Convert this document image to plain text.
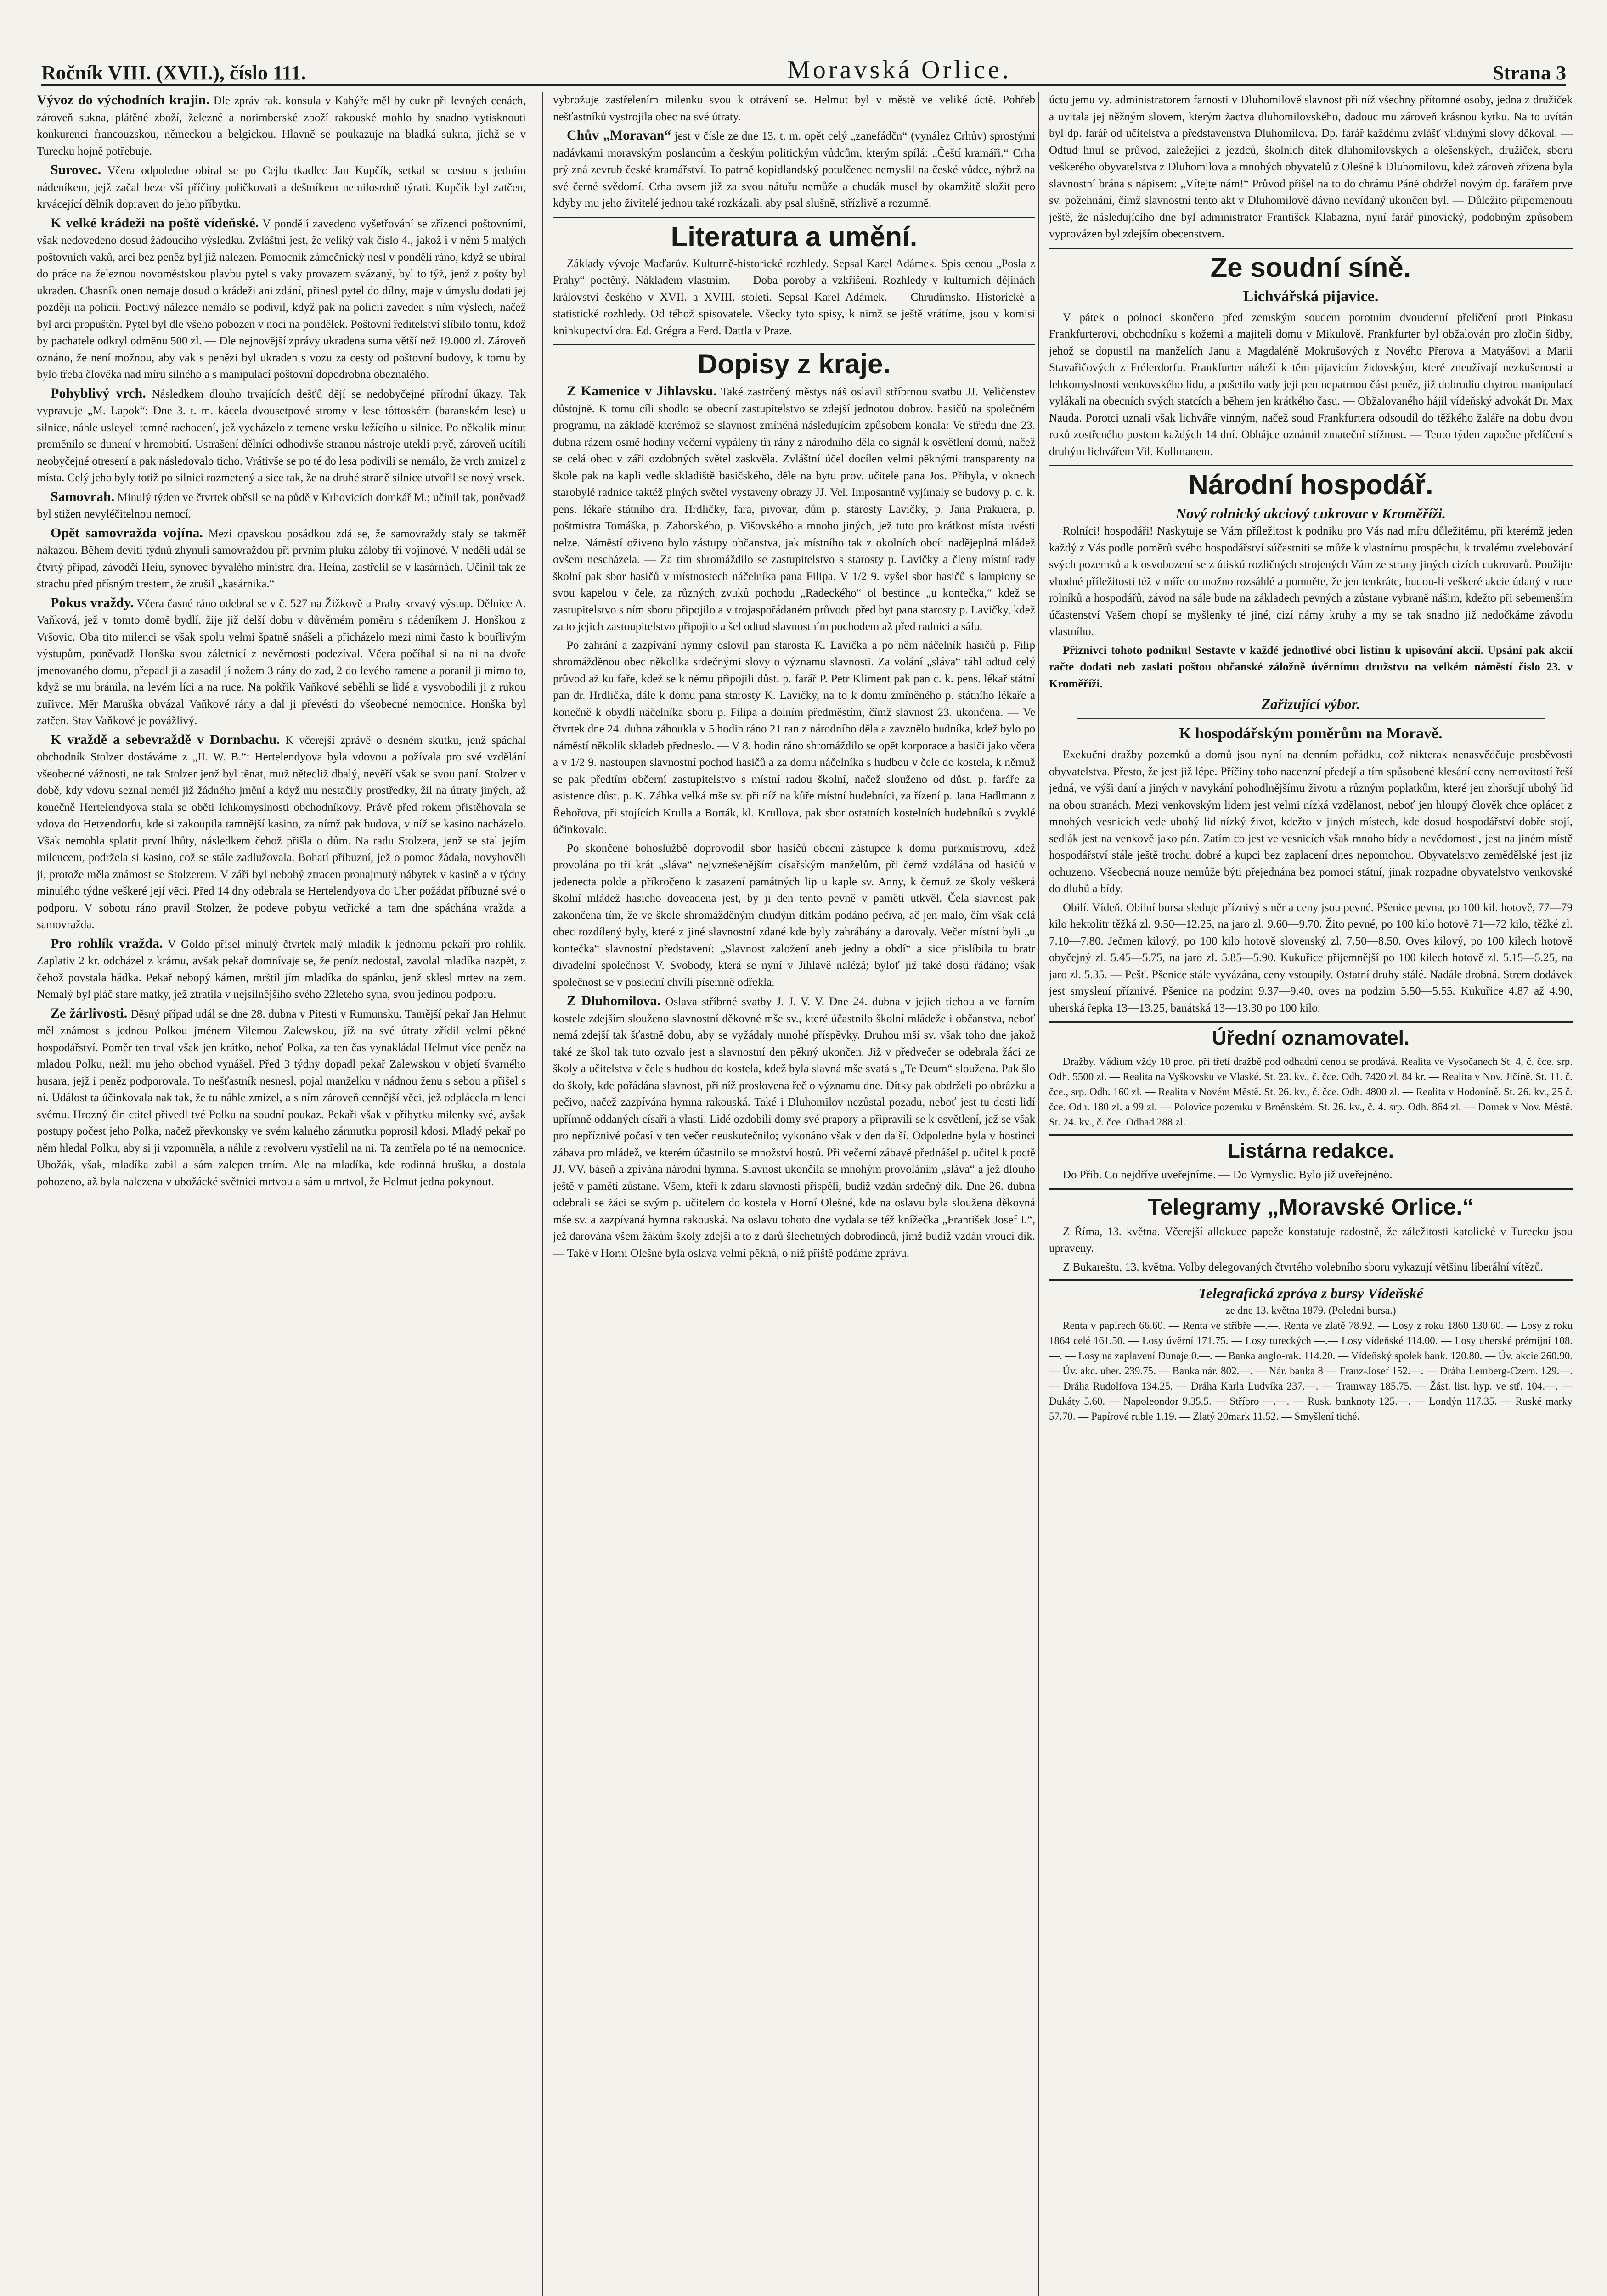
Ročník VIII. (XVII.), číslo 111.	Moravská Orlice.	Strana 3

Vývoz do východních krajin. Dle zpráv rak. konsula v Kahýře měl by cukr při levných cenách, zároveň sukna, plátěné zboží, železné a norimberské zboží rakouské mohlo by snadno vytisknouti konkurenci francouzskou, německou a belgickou. Hlavně se poukazuje na bladká sukna, jichž se v Turecku hojně potřebuje.

Surovec. Včera odpoledne obíral se po Cejlu tkadlec Jan Kupčík, setkal se cestou s jedním nádeníkem, jejž začal beze vší příčiny poličkovati a deštníkem nemilosrdně týrati. Kupčík byl zatčen, krvácející dělník dopraven do jeho příbytku.

K velké krádeži na poště vídeňské. V pondělí zavedeno vyšetřování se zřízenci poštovními, však nedovedeno dosud žádoucího výsledku. Zvláštní jest, že veliký vak číslo 4., jakož i v něm 5 malých poštovních vaků, arci bez peněz byl již nalezen. Pomocník zámečnický nesl v pondělí ráno, když se ubíral do práce na železnou novoměstskou plavbu pytel s vaky provazem svázaný, byl to týž, jenž z pošty byl ukraden. Chasník onen nemaje dosud o krádeži ani zdání, přinesl pytel do dílny, maje v úmyslu dodati jej později na policii. Poctivý nálezce nemálo se podivil, když pak na policii zaveden s ním výslech, načež byl arci propuštěn. Pytel byl dle všeho pobozen v noci na pondělek. Poštovní ředitelství slíbilo tomu, kdož by pachatele odkryl odměnu 500 zl. — Dle nejnovější zprávy ukradena suma větší než 19.000 zl. Zároveň oznáno, že není možnou, aby vak s penězi byl ukraden s vozu za cesty od poštovní budovy, k tomu by bylo třeba člověka nad míru silného a s manipulací poštovní dopodrobna obeznalého.

Pohyblivý vrch. Následkem dlouho trvajících dešťů dějí se nedobyčejné přírodní úkazy. Tak vypravuje „M. Lapok“: Dne 3. t. m. kácela dvousetpové stromy v lese tóttoském (baranském lese) u silnice, náhle usleyeli temné rachocení, jež vycházelo z temene vrsku ležícího u silnice. Po několik minut proměnilo se dunení v hromobití. Ustrašení dělníci odhodivše stranou nástroje utekli pryč, zároveň ucítili neobyčejné otresení a pak následovalo ticho. Vrátivše se po té do lesa podivili se nemálo, že vrch zmizel z místa. Celý jeho byly totiž po silnici rozmetený a sice tak, že na druhé straně silnice utvořil se nový vrsek.

Samovrah. Minulý týden ve čtvrtek oběsil se na půdě v Krhovicích domkář M.; učinil tak, poněvadž byl stižen nevyléčitelnou nemocí.

Opět samovražda vojína. Mezi opavskou posádkou zdá se, že samovraždy staly se takměř nákazou. Během devíti týdnů zhynuli samovraždou při prvním pluku záloby tři vojínové. V neděli udál se čtvrtý případ, závodčí Heiu, synovec bývalého ministra dra. Heina, zastřelil se v kasárnách. Učinil tak ze strachu před přísným trestem, že zrušil „kasárnika.“

Pokus vraždy. Včera časné ráno odebral se v č. 527 na Žižkově u Prahy krvavý výstup. Dělnice A. Vaňková, jež v tomto domě bydlí, žije již delší dobu v důvěrném poměru s nádeníkem J. Honškou z Vršovic. Oba tito milenci se však spolu velmi špatně snášeli a přicházelo mezi nimi často k bouřlivým výstupům, poněvadž Honška svou záletnicí z nevěrnosti podezíval. Včera počíhal si na ni na dvoře jmenovaného domu, přepadl ji a zasadil jí nožem 3 rány do zad, 2 do levého ramene a poranil ji mimo to, když se mu bránila, na levém líci a na ruce. Na pokřik Vaňkové seběhli se lidé a vysvobodili ji z rukou zuřivce. Měr Maruška obvázal Vaňkové rány a dal ji převésti do všeobecné nemocnice. Honška byl zatčen. Stav Vaňkové je povážlivý.

K vraždě a sebevraždě v Dornbachu. K včerejší zprávě o desném skutku, jenž spáchal obchodník Stolzer dostáváme z „II. W. B.“: Hertelendyova byla vdovou a požívala pro své vzdělání všeobecné vážnosti, ne tak Stolzer jenž byl těnat, muž nětecliž dbalý, nevěří však se svou paní. Stolzer v době, kdy vdovu seznal nemél již žádného jmění a když mu nestačily prostředky, žil na útraty jiných, až konečně Hertelendyova stala se oběti lehkomyslnosti obchodníkovy. Právě před rokem přistěhovala se vdova do Hetzendorfu, kde si zakoupila tamnější kasino, za nímž pak budova, v níž se kasino nacházelo. Však nemohla splatit první lhůty, následkem čehož přišla o dům. Na radu Stolzera, jenž se stal jejím milencem, podržela si kasino, což se stále zadlužovala. Bohatí příbuzní, jež o pomoc žádala, novyhověli ji, protože měla známost se Stolzerem. V září byl nebohý ztracen pronajmutý nábytek v kasině a v týdny minulého týdne veškeré její věci. Před 14 dny odebrala se Hertelendyova do Uher požádat příbuzné své o podporu. V sobotu ráno pravil Stolzer, že podeve pobytu vetřické a tam dne spáchána vražda a samovražda.

Pro rohlík vražda. V Goldo přisel minulý čtvrtek malý mladík k jednomu pekaři pro rohlík. Zaplativ 2 kr. odcházel z krámu, avšak pekař domnívaje se, že peníz nedostal, zavolal mladíka nazpět, z čehož povstala hádka. Pekař nebopý kámen, mrštil jím mladíka do spánku, jenž sklesl mrtev na zem. Nemalý byl pláč staré matky, jež ztratila v nejsilnějšího svého 22letého syna, svou jedinou podporu.

Ze žárlivosti. Děsný případ udál se dne 28. dubna v Pitesti v Rumunsku. Tamější pekař Jan Helmut měl známost s jednou Polkou jménem Vilemou Zalewskou, jíž na své útraty zřídil velmi pěkné hospodářství. Poměr ten trval však jen krátko, neboť Polka, za ten čas vynakládal Helmut více peněz na mladou Polku, nežli mu jeho obchod vynášel. Před 3 týdny dopadl pekař Zalewskou v objetí švarného husara, jejž i peněz podporovala. To nešťastník nesnesl, pojal manželku v nádnou ženu s sebou a přišel s ní. Událost ta účinkovala nak tak, že tu náhle zmizel, a s ním zároveň cennější věci, jež odplácela milenci svému. Hrozný čin ctitel přivedl tvé Polku na soudní poukaz. Pekaři však v příbytku milenky své, avšak postupy počest jeho Polka, načež převkonsky ve svém kalného zármutku poprosil kdosi. Mladý pekař po něm hledal Polku, aby si ji vzpomněla, a náhle z revolveru vystřelil na ni. Ta zemřela po té na nemocnice. Ubožák, však, mladíka zabil a sám zalepen trním. Ale na mladíka, kde rodinná hrušku, a dostala pohozeno, až byla nalezena v ubožácké světnici mrtvou a sám u mrtvol, že Helmut jedna pokynout.

vybrožuje zastřelením milenku svou k otrávení se. Helmut byl v městě ve veliké úctě. Pohřeb nešťastníků vystrojila obec na své útraty.

Chův „Moravan“ jest v čísle ze dne 13. t. m. opět celý „zanefádčn“ (vynález Crhův) sprostými nadávkami moravským poslancům a českým politickým vůdcům, kterým spílá: „Čeští kramáři.“ Crha prý zná zevrub české kramářství. To patrně kopidlandský potulčenec nemyslil na české vůdce, nýbrž na své černé svědomí. Crha ovsem již za svou nátuřu nemůže a chudák musel by okamžitě složit pero kdyby mu jeho živitelé jednou také rozkázali, aby psal slušně, střízlivě a rozumně.

Literatura a umění.

Základy vývoje Maďarův. Kulturně-historické rozhledy. Sepsal Karel Adámek. Spis cenou „Posla z Prahy“ poctěný. Nákladem vlastním. — Doba poroby a vzkříšení. Rozhledy v kulturních dějinách království českého v XVII. a XVIII. století. Sepsal Karel Adámek. — Chrudimsko. Historické a statistické rozhledy. Od téhož spisovatele. Všecky tyto spisy, k nimž se ještě vrátíme, jsou v komisi knihkupectví dra. Ed. Grégra a Ferd. Dattla v Praze.

Dopisy z kraje.

Z Kamenice v Jihlavsku. Také zastrčený městys náš oslavil stříbrnou svatbu JJ. Veličenstev důstojně. K tomu cíli shodlo se obecní zastupitelstvo se zdejší jednotou dobrov. hasičů na společném programu, na základě kterémož se slavnost zmíněná následujícím způsobem konala: Ve středu dne 23. dubna rázem osmé hodiny večerní vypáleny tři rány z národního děla co signál k osvětlení domů, načež se celá obec v záři ozdobných světel zaskvěla. Zvláštní účel docílen velmi pěknými transparenty na škole pak na kapli vedle skladiště basičského, děle na bytu prov. učitele pana Jos. Přibyla, v oknech starobylé radnice taktéž plných světel vystaveny obrazy JJ. Vel. Imposantně vyjímaly se budovy p. c. k. pens. lékaře státního dra. Hrdličky, fara, pivovar, dům p. starosty Lavičky, p. Jana Prakuera, p. poštmistra Tomáška, p. Zaborského, p. Višovského a mnoho jiných, jež tuto pro krátkost místa uvésti nelze. Náměstí oživeno bylo zástupy občanstva, jak místního tak z okolních obcí: nadějeplná mládež ovšem nescházela. — Za tím shromáždilo se zastupitelstvo s starosty p. Lavičky a členy místní rady školní pak sbor hasičů v místnostech náčelníka pana Filipa. V 1/2 9. vyšel sbor hasičů s lampiony se svou kapelou v čele, za různých zvuků pochodu „Radeckého“ ol bestince „u kontečka,“ kdež se zastupitelstvo s ním sboru připojilo a v trojaspořádaném průvodu před byt pana starosty p. Lavičky, kdež za to jejich zastoupitelstvo připojilo a šel odtud slavnostním pochodem až před radnici a sálu.

Po zahrání a zazpívání hymny oslovil pan starosta K. Lavička a po něm náčelník hasičů p. Filip shromážděnou obec několika srdečnými slovy o významu slavnosti. Za volání „sláva“ táhl odtud celý průvod až ku faře, kdež se k němu připojili důst. p. farář P. Petr Kliment pak pan c. k. pens. lékař státní pan dr. Hrdlička, dále k domu pana starosty K. Lavičky, na to k domu zmíněného p. státního lékaře a konečně k obydlí náčelníka sboru p. Filipa a dolním předměstím, čímž slavnost 23. ukončena. — Ve čtvrtek dne 24. dubna záhoukla v 5 hodin ráno 21 ran z národního děla a zavznělo budníka, kdež bylo po náměstí několik skladeb předneslo. — V 8. hodin ráno shromáždilo se opět korporace a basiči jako včera a v 1/2 9. nastoupen slavnostní pochod hasičů a za domu náčelníka s hudbou v čele do kostela, k němuž se pak předtím občerní zastupitelstvo s místní radou školní, načež slouženo od důst. p. faráře za asistence důst. p. K. Zábka velká mše sv. při níž na kůře místní hudebníci, za řízení p. Jana Hadlmann z Řehořova, při stojících Krulla a Borták, kl. Krullova, pak sbor ostatních kostelních hudebníků s zvyklé účinkovalo.

Po skončené bohoslužbě doprovodil sbor hasičů obecní zástupce k domu purkmistrovu, kdež provolána po tři krát „sláva“ nejvznešenějším císařským manželům, při čemž vzdálána od hasičů v jedenecta polde a příkročeno k zasazení památných lip u kaple sv. Anny, k čemuž ze školy veškerá školní mládež hasicho doveadena jest, by ji den tento pevně v paměti utkvěl. Čela slavnost pak zakončena tím, že ve škole shromážděným chudým dítkám podáno pečiva, ač jen malo, čím však celá obec rozdílený byly, které z jiné slavnostní zdané kde byly zahrábány a darovaly. Večer místní byli „u kontečka“ slavnostní představení: „Slavnost založení aneb jedny a obdí“ a sice přislíbila tu bratr divadelní společnost V. Svobody, která se nyní v Jihlavě nalézá; byloť již také dosti řádáno; však společnost se v poslední chvíli písemně odřekla.

Z Dluhomilova. Oslava stříbrné svatby J. J. V. V. Dne 24. dubna v jejich tichou a ve farním kostele zdejším slouženo slavnostní děkovné mše sv., které účastnilo školní mládeže i občanstva, neboť nemá zdejší tak šťastně dobu, aby se vyžádaly mnohé příspěvky. Druhou mší sv. však toho dne jakož také ze škol tak tuto ozvalo jest a slavnostní den pěkný ukončen. Již v předvečer se odebrala žáci ze školy a učitelstva v čele s hudbou do kostela, kdež byla slavná mše svatá s „Te Deum“ sloužena. Pak šlo do školy, kde pořádána slavnost, při níž proslovena řeč o významu dne. Dítky pak obdrželi po obrázku a pečivo, načež zazpívána hymna rakouská. Také i Dluhomilov nezůstal pozadu, neboť jest tu dosti lidí upřímně oddaných císaři a vlasti. Lidé ozdobili domy své prapory a připravili se k osvětlení, jež se však pro nepříznivé počasí v ten večer neuskutečnilo; vykonáno však v den další. Odpoledne byla v hostinci zábava pro mládež, ve kterém účastnilo se množství hostů. Při večerní zábavě přednášel p. učitel k poctě JJ. VV. báseň a zpívána národní hymna. Slavnost ukončila se mnohým provoláním „sláva“ a jež dlouho ještě v paměti zůstane. Všem, kteří k zdaru slavnosti přispěli, budiž vzdán srdečný dík. Dne 26. dubna odebrali se žáci se svým p. učitelem do kostela v Horní Olešné, kde na oslavu byla sloužena děkovná mše sv. a zazpívaná hymna rakouská. Na oslavu tohoto dne vydala se též knížečka „František Josef I.“, jež darována všem žákům školy zdejší a to z darů šlechetných dobrodinců, jimž budiž vzdán vroucí dík. — Také v Horní Olešné byla oslava velmi pěkná, o níž příště podáme zprávu.

úctu jemu vy. administratorem farnosti v Dluhomilově slavnost při níž všechny přítomné osoby, jedna z družiček a uvitala jej něžným slovem, kterým žactva dluhomilovského, dadouc mu zároveň krásnou kytku. Na to uvítán byl dp. farář od učitelstva a představenstva Dluhomilova. Dp. farář každému zvlášť vlídnými slovy děkoval. — Odtud hnul se průvod, zaležející z jezdců, školních dítek dluhomilovských a olešenských, družiček, sboru veškerého obyvatelstva z Dluhomilova a mnohých obyvatelů z Olešné k Dluhomilovu, kdež zároveň zřízena byla slavnostní brána s nápisem: „Vítejte nám!“ Průvod přišel na to do chrámu Páně obdržel novým dp. farářem prve sv. požehnání, čímž slavnostní tento akt v Dluhomilově dávno nevídaný ukončen byl. — Důležito připomenouti ještě, že následujícího dne byl administrator František Klabazna, nyní farář pinovický, podobným způsobem vyprovázen byl zdejším obecenstvem.

Ze soudní síně.
Lichvářská pijavice.

V pátek o polnoci skončeno před zemským soudem porotním dvoudenní přelíčení proti Pinkasu Frankfurterovi, obchodníku s kožemi a majiteli domu v Mikulově. Frankfurter byl obžalován pro zločin šidby, jehož se dopustil na manželích Janu a Magdaléně Mokrušových z Nového Přerova a Matyášovi a Marii Stavařičových z Frélerdorfu. Frankfurter náleží k těm pijavicím židovským, které zneužívají nezkušenosti a lehkomyslnosti venkovského lidu, a pošetilo vady jeji pen nepatrnou část peněz, již dobrodiu chytrou manipulací vylákali na obecních svých statcích a během jen krátkého času. — Obžalovaného hájil vídeňský advokát Dr. Max Nauda. Porotci uznali však lichváře vinným, načež soud Frankfurtera odsoudil do těžkého žaláře na dobu dvou roků zostřeného postem každých 14 dní. Obhájce oznámil zmateční stížnost. — Tento týden započne přelíčení s druhým lichvářem Vil. Kollmanem.

Národní hospodář.
Nový rolnický akciový cukrovar v Kroměříži.

Rolníci! hospodáři! Naskytuje se Vám příležitost k podniku pro Vás nad míru důležitému, při kterémž jeden každý z Vás podle poměrů svého hospodářství súčastniti se může k vlastnímu prospěchu, k trvalému zvelebování svých pozemků a k osvobození se z útiskú rozličných strojených Vám ze strany jiných cizích cukrovarů. Použijte vhodné příležitosti též v míře co možno rozsáhlé a pomněte, že jen tenkráte, budou-li veškeré akcie údaný v ruce rolníků a hospodářů, závod na sále bude na základech pevných a zůstane vybraně nášim, kdežto při sebemenším účastenství Vašem chopí se myšlenky té jiné, cizí námy kruhy a my se tak snadno již nedočkáme závodu vlastního.

Přiznivci tohoto podniku! Sestavte v každé jednotlivé obci listinu k upisování akcií. Upsání pak akcií račte dodati neb zaslati poštou občanské záložně úvěrnímu družstvu na velkém náměstí čislo 23. v Kroměříži.

Zařizující výbor.
K hospodářským poměrům na Moravě.

Exekuční dražby pozemků a domů jsou nyní na denním pořádku, což nikterak nenasvědčuje prosběvosti obyvatelstva. Přesto, že jest již lépe. Příčiny toho nacenzní předejí a tím spůsobené klesání ceny nemovitostí řeší jedná, ve výši daní a jiných v navykání pohodlnějšímu životu a různým poplatkům, které jen zhoršují ubohý lid na obou stranách. Mezi venkovským lidem jest velmi nízká vzdělanost, neboť jen hloupý člověk chce oplácet z mnohých vesnicích vede ubohý lid nízký život, kdežto v jiných místech, kde dosud hospodářství dobře stojí, sedlák jest na venkově jako pán. Zatím co jest ve vesnicích však mnoho bídy a nevědomosti, jest na jiném místě hospodářství stále ještě trochu dobré a kupci bez zaplacení dnes nepomohou. Obyvatelstvo zemědělské jest jiz ochuzeno. Všeobecná nouze nemůže býti přejednána bez pomoci státní, jinak rozpadne obyvatelstvo venkovské do dluhů a bídy.

Obilí. Vídeň. Obilní bursa sleduje příznivý směr a ceny jsou pevné. Pšenice pevna, po 100 kil. hotově, 77—79 kilo hektolitr těžká zl. 9.50—12.25, na jaro zl. 9.60—9.70. Žito pevné, po 100 kilo hotově 71—72 kilo, těžké zl. 7.10—7.80. Ječmen kilový, po 100 kilo hotově slovenský zl. 7.50—8.50. Oves kilový, po 100 kilech hotově obyčejný zl. 5.45—5.75, na jaro zl. 5.85—5.90. Kukuřice přijemnější po 100 kilech hotově zl. 5.15—5.25, na jaro zl. 5.35. — Pešť. Pšenice stále vyvázána, ceny vstoupily. Ostatní druhy stálé. Nadále drobná. Strem dodávek jest smyslení příznivé. Pšenice na podzim 9.37—9.40, oves na podzim 5.50—5.55. Kukuřice 4.87 až 4.90, uherská řepka 13—13.25, banátská 13—13.30 po 100 kilo.

Úřední oznamovatel.

Dražby. Vádium vždy 10 proc. při třetí dražbě pod odhadní cenou se prodává. Realita ve Vysočanech St. 4, č. čce. srp. Odh. 5500 zl. — Realita na Vyškovsku ve Vlaské. St. 23. kv., č. čce. Odh. 7420 zl. 84 kr. — Realita v Nov. Jičíně. St. 11. č. čce., srp. Odh. 160 zl. — Realita v Novém Městě. St. 26. kv., č. čce. Odh. 4800 zl. — Realita v Hodoníně. St. 26. kv., 25 č. čce. Odh. 180 zl. a 99 zl. — Polovice pozemku v Brněnském. St. 26. kv., č. 4. srp. Odh. 864 zl. — Domek v Nov. Městě. St. 24. kv., č. čce. Odhad 288 zl.

Listárna redakce.

Do Přib. Co nejdříve uveřejníme. — Do Vymyslic. Bylo již uveřejněno.

Telegramy „Moravské Orlice.“

Z Říma, 13. května. Včerejší allokuce papeže konstatuje radostně, že záležitosti katolické v Turecku jsou upraveny.

Z Bukareštu, 13. května. Volby delegovaných čtvrtého volebního sboru vykazují většinu liberální vítězů.

Telegrafická zpráva z bursy Vídeňské
ze dne 13. května 1879. (Poledni bursa.)

Renta v papírech 66.60. — Renta ve stříbře —.—. Renta ve zlatě 78.92. — Losy z roku 1860 130.60. — Losy z roku 1864 celé 161.50. — Losy úvěrní 171.75. — Losy tureckých —.— Losy vídeňské 114.00. — Losy uherské prémijní 108.—. — Losy na zaplavení Dunaje 0.—. — Banka anglo-rak. 114.20. — Vídeňský spolek bank. 120.80. — Úv. akcie 260.90. — Úv. akc. uher. 239.75. — Banka nár. 802.—. — Nár. banka 8 — Franz-Josef 152.—. — Dráha Lemberg-Czern. 129.—. — Dráha Rudolfova 134.25. — Dráha Karla Ludvíka 237.—. — Tramway 185.75. — Žást. list. hyp. ve stř. 104.—. — Dukáty 5.60. — Napoleondor 9.35.5. — Stříbro —.—. — Rusk. banknoty 125.—. — Londýn 117.35. — Ruské marky 57.70. — Papírové ruble 1.19. — Zlatý 20mark 11.52. — Smyšlení tiché.
